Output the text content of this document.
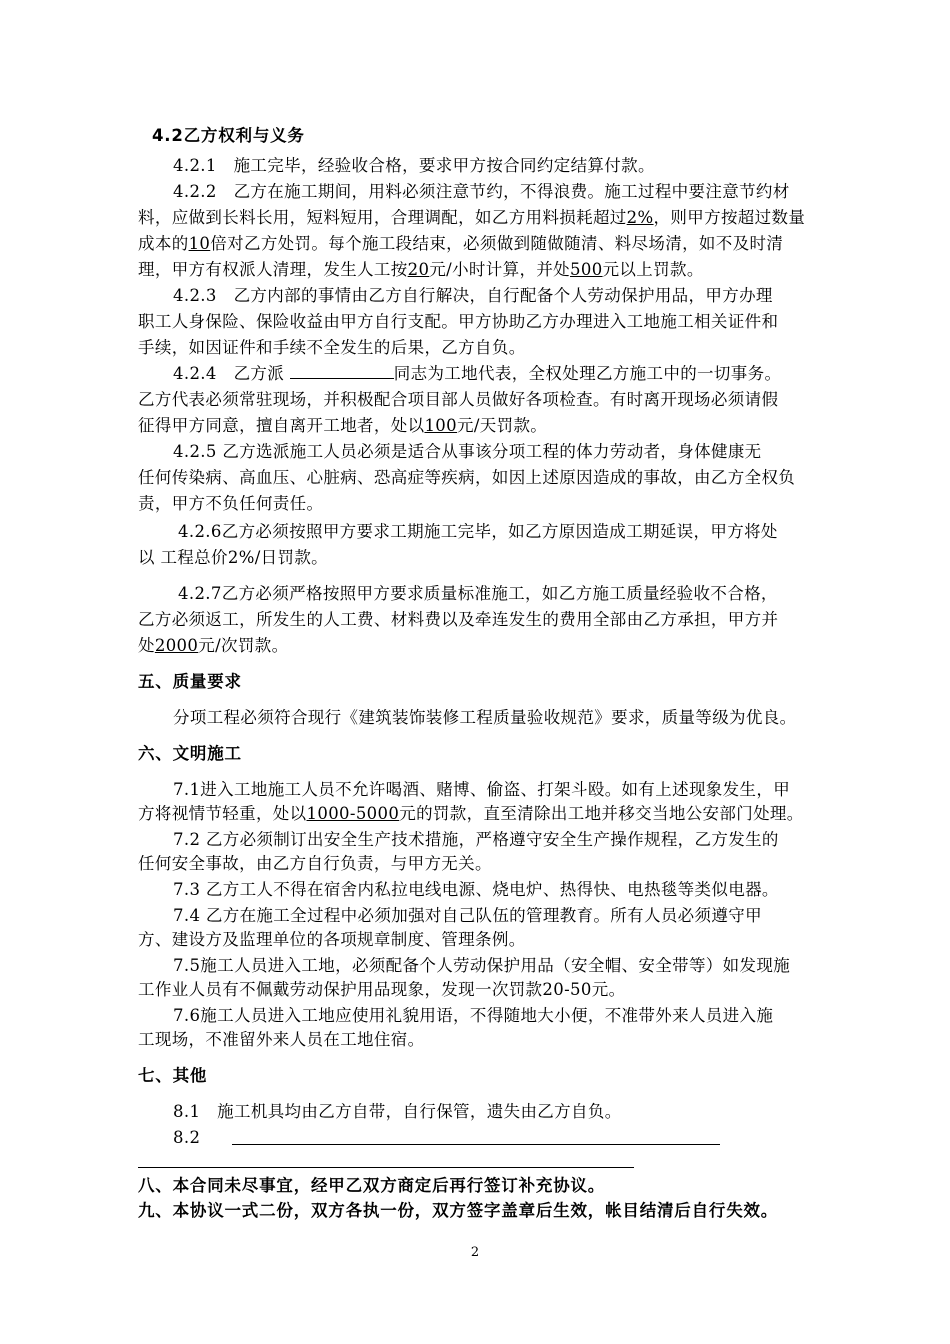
4.2乙方权利与义务
4.2.1　施工完毕，经验收合格，要求甲方按合同约定结算付款。
4.2.2　乙方在施工期间，用料必须注意节约，不得浪费。施工过程中要注意节约材
料，应做到长料长用，短料短用，合理调配，如乙方用料损耗超过2%，则甲方按超过数量
成本的10倍对乙方处罚。每个施工段结束，必须做到随做随清、料尽场清，如不及时清
理，甲方有权派人清理，发生人工按20元/小时计算，并处500元以上罚款。
4.2.3　乙方内部的事情由乙方自行解决，自行配备个人劳动保护用品，甲方办理
职工人身保险、保险收益由甲方自行支配。甲方协助乙方办理进入工地施工相关证件和
手续，如因证件和手续不全发生的后果，乙方自负。
4.2.4　乙方派	同志为工地代表，全权处理乙方施工中的一切事务。
乙方代表必须常驻现场，并积极配合项目部人员做好各项检查。有时离开现场必须请假
征得甲方同意，擅自离开工地者，处以100元/天罚款。
4.2.5 乙方选派施工人员必须是适合从事该分项工程的体力劳动者，身体健康无
任何传染病、高血压、心脏病、恐高症等疾病，如因上述原因造成的事故，由乙方全权负
责，甲方不负任何责任。
4.2.6乙方必须按照甲方要求工期施工完毕，如乙方原因造成工期延误，甲方将处
以 工程总价2%/日罚款。
4.2.7乙方必须严格按照甲方要求质量标准施工，如乙方施工质量经验收不合格，
乙方必须返工，所发生的人工费、材料费以及牵连发生的费用全部由乙方承担，甲方并
处2000元/次罚款。
五、质量要求
分项工程必须符合现行《建筑装饰装修工程质量验收规范》要求，质量等级为优良。
六、文明施工
7.1进入工地施工人员不允许喝酒、赌博、偷盗、打架斗殴。如有上述现象发生，甲
方将视情节轻重，处以1000-5000元的罚款，直至清除出工地并移交当地公安部门处理。
7.2 乙方必须制订出安全生产技术措施，严格遵守安全生产操作规程，乙方发生的
任何安全事故，由乙方自行负责，与甲方无关。
7.3 乙方工人不得在宿舍内私拉电线电源、烧电炉、热得快、电热毯等类似电器。
7.4 乙方在施工全过程中必须加强对自己队伍的管理教育。所有人员必须遵守甲
方、建设方及监理单位的各项规章制度、管理条例。
7.5施工人员进入工地，必须配备个人劳动保护用品（安全帽、安全带等）如发现施
工作业人员有不佩戴劳动保护用品现象，发现一次罚款20-50元。
7.6施工人员进入工地应使用礼貌用语，不得随地大小便，不准带外来人员进入施
工现场，不准留外来人员在工地住宿。
七、其他
8.1　施工机具均由乙方自带，自行保管，遗失由乙方自负。
8.2
八、本合同未尽事宜，经甲乙双方商定后再行签订补充协议。
九、本协议一式二份，双方各执一份，双方签字盖章后生效，帐目结清后自行失效。
2
